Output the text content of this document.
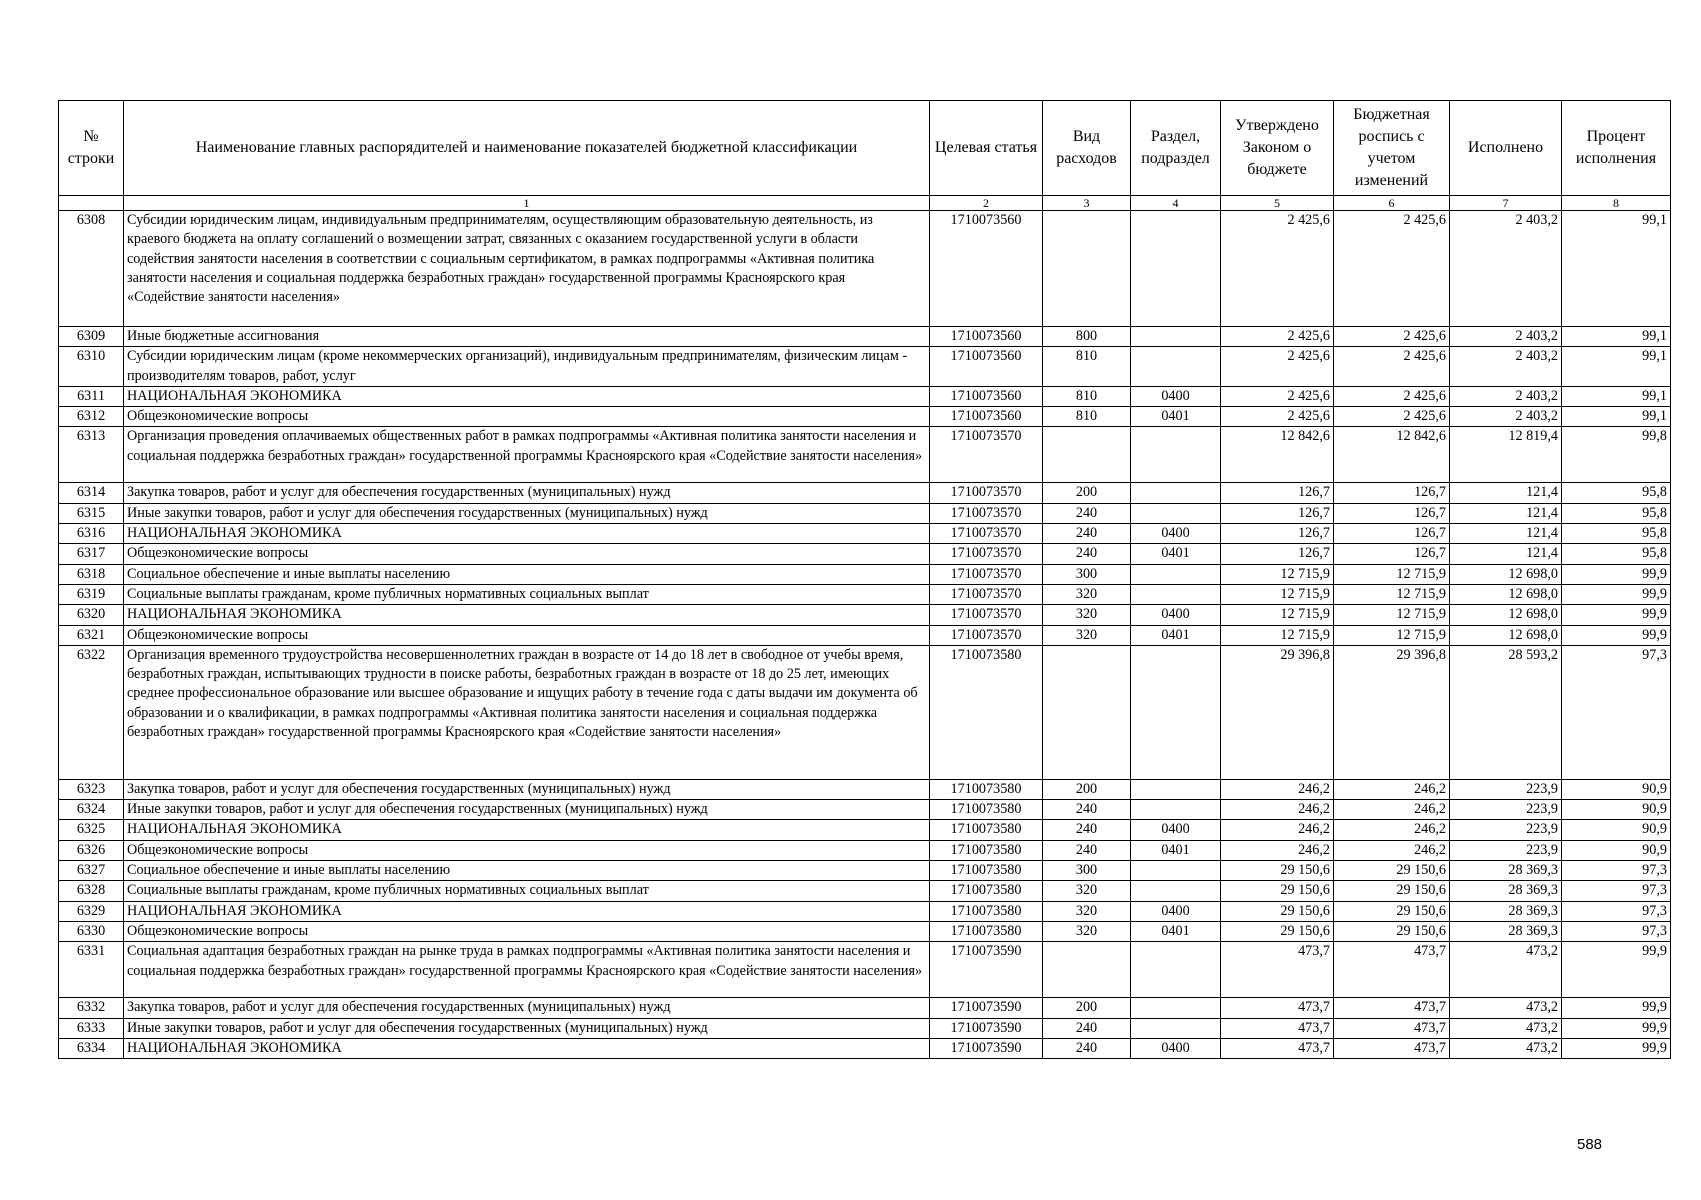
№ строки	Наименование главных распорядителей и наименование показателей бюджетной классификации	Целевая статья	Вид расходов	Раздел, подраздел	Утверждено Законом о бюджете	Бюджетная роспись с учетом изменений	Исполнено	Процент исполнения
	1	2	3	4	5	6	7	8
6308	Субсидии юридическим лицам, индивидуальным предпринимателям, осуществляющим образовательную деятельность, из краевого бюджета на оплату соглашений о возмещении затрат, связанных с оказанием государственной услуги в области содействия занятости населения в соответствии с социальным сертификатом, в рамках подпрограммы «Активная политика занятости населения и социальная поддержка безработных граждан» государственной программы Красноярского края «Содействие занятости населения»	1710073560			2 425,6	2 425,6	2 403,2	99,1
6309	Иные бюджетные ассигнования	1710073560	800		2 425,6	2 425,6	2 403,2	99,1
6310	Субсидии юридическим лицам (кроме некоммерческих организаций), индивидуальным предпринимателям, физическим лицам - производителям товаров, работ, услуг	1710073560	810		2 425,6	2 425,6	2 403,2	99,1
6311	НАЦИОНАЛЬНАЯ ЭКОНОМИКА	1710073560	810	0400	2 425,6	2 425,6	2 403,2	99,1
6312	Общеэкономические вопросы	1710073560	810	0401	2 425,6	2 425,6	2 403,2	99,1
6313	Организация проведения оплачиваемых общественных работ в рамках подпрограммы «Активная политика занятости населения и социальная поддержка безработных граждан» государственной программы Красноярского края «Содействие занятости населения»	1710073570			12 842,6	12 842,6	12 819,4	99,8
6314	Закупка товаров, работ и услуг для обеспечения государственных (муниципальных) нужд	1710073570	200		126,7	126,7	121,4	95,8
6315	Иные закупки товаров, работ и услуг для обеспечения государственных (муниципальных) нужд	1710073570	240		126,7	126,7	121,4	95,8
6316	НАЦИОНАЛЬНАЯ ЭКОНОМИКА	1710073570	240	0400	126,7	126,7	121,4	95,8
6317	Общеэкономические вопросы	1710073570	240	0401	126,7	126,7	121,4	95,8
6318	Социальное обеспечение и иные выплаты населению	1710073570	300		12 715,9	12 715,9	12 698,0	99,9
6319	Социальные выплаты гражданам, кроме публичных нормативных социальных выплат	1710073570	320		12 715,9	12 715,9	12 698,0	99,9
6320	НАЦИОНАЛЬНАЯ ЭКОНОМИКА	1710073570	320	0400	12 715,9	12 715,9	12 698,0	99,9
6321	Общеэкономические вопросы	1710073570	320	0401	12 715,9	12 715,9	12 698,0	99,9
6322	Организация временного трудоустройства несовершеннолетних граждан в возрасте от 14 до 18 лет в свободное от учебы время, безработных граждан, испытывающих трудности в поиске работы, безработных граждан в возрасте от 18 до 25 лет, имеющих среднее профессиональное образование или высшее образование и ищущих работу в течение года с даты выдачи им документа об образовании и о квалификации, в рамках подпрограммы «Активная политика занятости населения и социальная поддержка безработных граждан» государственной программы Красноярского края «Содействие занятости населения»	1710073580			29 396,8	29 396,8	28 593,2	97,3
6323	Закупка товаров, работ и услуг для обеспечения государственных (муниципальных) нужд	1710073580	200		246,2	246,2	223,9	90,9
6324	Иные закупки товаров, работ и услуг для обеспечения государственных (муниципальных) нужд	1710073580	240		246,2	246,2	223,9	90,9
6325	НАЦИОНАЛЬНАЯ ЭКОНОМИКА	1710073580	240	0400	246,2	246,2	223,9	90,9
6326	Общеэкономические вопросы	1710073580	240	0401	246,2	246,2	223,9	90,9
6327	Социальное обеспечение и иные выплаты населению	1710073580	300		29 150,6	29 150,6	28 369,3	97,3
6328	Социальные выплаты гражданам, кроме публичных нормативных социальных выплат	1710073580	320		29 150,6	29 150,6	28 369,3	97,3
6329	НАЦИОНАЛЬНАЯ ЭКОНОМИКА	1710073580	320	0400	29 150,6	29 150,6	28 369,3	97,3
6330	Общеэкономические вопросы	1710073580	320	0401	29 150,6	29 150,6	28 369,3	97,3
6331	Социальная адаптация безработных граждан на рынке труда в рамках подпрограммы «Активная политика занятости населения и социальная поддержка безработных граждан» государственной программы Красноярского края «Содействие занятости населения»	1710073590			473,7	473,7	473,2	99,9
6332	Закупка товаров, работ и услуг для обеспечения государственных (муниципальных) нужд	1710073590	200		473,7	473,7	473,2	99,9
6333	Иные закупки товаров, работ и услуг для обеспечения государственных (муниципальных) нужд	1710073590	240		473,7	473,7	473,2	99,9
6334	НАЦИОНАЛЬНАЯ ЭКОНОМИКА	1710073590	240	0400	473,7	473,7	473,2	99,9
588
